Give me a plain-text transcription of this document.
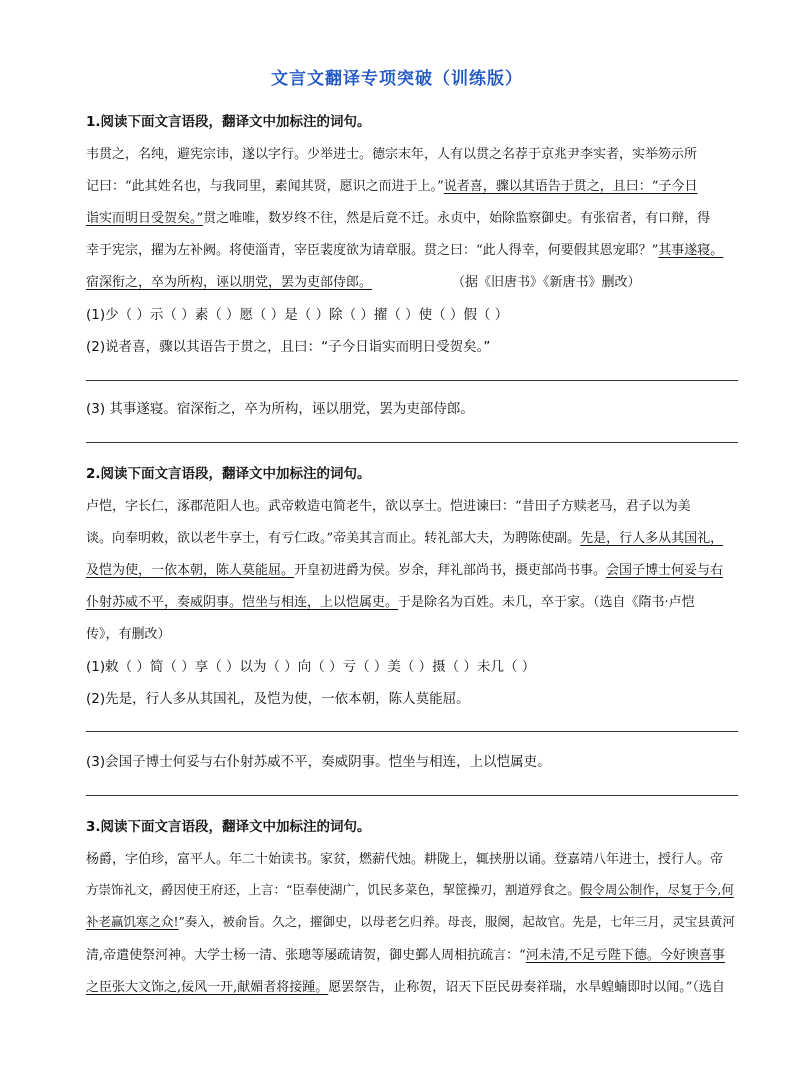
文言文翻译专项突破（训练版）
1.阅读下面文言语段，翻译文中加标注的词句。
韦贯之，名纯，避宪宗讳，遂以字行。少举进士。德宗末年，人有以贯之名荐于京兆尹李实者，实举笏示所
记曰：“此其姓名也，与我同里，素闻其贤，愿识之而进于上。”说者喜，骤以其语告于贯之，且曰：“子今日
诣实而明日受贺矣。”贯之唯唯，数岁终不往，然是后竟不迁。永贞中，始除监察御史。有张宿者，有口辩，得
幸于宪宗，擢为左补阙。将使淄青，宰臣裴度欲为请章服。贯之曰：“此人得幸，何要假其恩宠耶？”其事遂寝。
宿深衔之，卒为所构，诬以朋党，罢为吏部侍郎。	（据《旧唐书》《新唐书》删改）
(1)少（ ）示（ ）素（ ）愿（ ）是（ ）除（ ）擢（ ）使（ ）假（ ）
(2)说者喜，骤以其语告于贯之，且曰：“子今日诣实而明日受贺矣。”
(3) 其事遂寝。宿深衔之，卒为所构，诬以朋党，罢为吏部侍郎。
2.阅读下面文言语段，翻译文中加标注的词句。
卢恺，字长仁，涿郡范阳人也。武帝敕造屯简老牛，欲以享士。恺进谏曰：“昔田子方赎老马，君子以为美
谈。向奉明敕，欲以老牛享士，有亏仁政。”帝美其言而止。转礼部大夫，为聘陈使副。先是，行人多从其国礼，
及恺为使，一依本朝，陈人莫能屈。开皇初进爵为侯。岁余，拜礼部尚书，摄吏部尚书事。会国子博士何妥与右
仆射苏威不平，奏威阴事。恺坐与相连，上以恺属吏。于是除名为百姓。未几，卒于家。（选自《隋书·卢恺
传》，有删改）
(1)敕（ ）简（ ）享（ ）以为（ ）向（ ）亏（ ）美（ ）摄（ ）未几（ ）
(2)先是，行人多从其国礼，及恺为使，一依本朝，陈人莫能屈。
(3)会国子博士何妥与右仆射苏威不平，奏威阴事。恺坐与相连，上以恺属吏。
3.阅读下面文言语段，翻译文中加标注的词句。
杨爵，字伯珍，富平人。年二十始读书。家贫，燃薪代烛。耕陇上，辄挟册以诵。登嘉靖八年进士，授行人。帝
方崇饰礼文，爵因使王府还，上言：“臣奉使湖广，饥民多菜色，挈筐操刃，割道殍食之。假令周公制作，尽复于今,何
补老赢饥寒之众!”奏入，被俞旨。久之，擢御史，以母老乞归养。母丧，服阕，起故官。先是，七年三月，灵宝县黄河
清,帝遣使祭河神。大学士杨一清、张璁等屡疏请贺，御史鄞人周相抗疏言：“河未清,不足亏陛下德。今好谀喜事
之臣张大文饰之,佞风一开,献媚者将接踵。愿罢祭告，止称贺，诏天下臣民毋奏祥瑞，水旱蝗蝻即时以闻。”（选自
